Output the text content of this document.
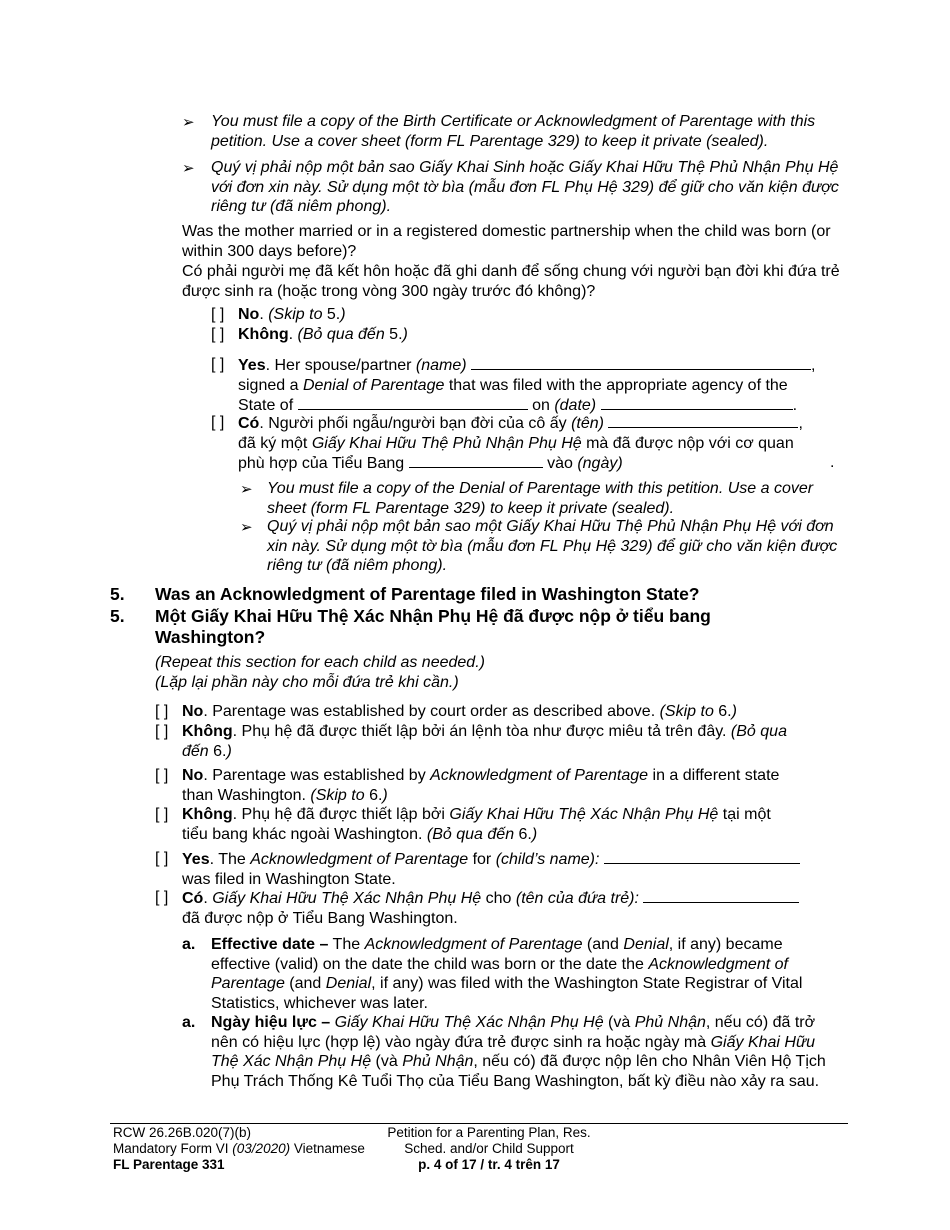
➢ You must file a copy of the Birth Certificate or Acknowledgment of Parentage with this petition. Use a cover sheet (form FL Parentage 329) to keep it private (sealed).
➢ Quý vị phải nộp một bản sao Giấy Khai Sinh hoặc Giấy Khai Hữu Thệ Phủ Nhận Phụ Hệ với đơn xin này. Sử dụng một tờ bìa (mẫu đơn FL Phụ Hệ 329) để giữ cho văn kiện được riêng tư (đã niêm phong).
Was the mother married or in a registered domestic partnership when the child was born (or within 300 days before)?
Có phải người mẹ đã kết hôn hoặc đã ghi danh để sống chung với người bạn đời khi đứa trẻ được sinh ra (hoặc trong vòng 300 ngày trước đó không)?
[ ] No. (Skip to 5.)
[ ] Không. (Bỏ qua đến 5.)
[ ] Yes. Her spouse/partner (name)	,
signed a Denial of Parentage that was filed with the appropriate agency of the
State of	on (date)	.
[ ] Có. Người phối ngẫu/người bạn đời của cô ấy (tên)	,
đã ký một Giấy Khai Hữu Thệ Phủ Nhận Phụ Hệ mà đã được nộp với cơ quan
phù hợp của Tiểu Bang	vào (ngày)	.
➢ You must file a copy of the Denial of Parentage with this petition. Use a cover sheet (form FL Parentage 329) to keep it private (sealed).
➢ Quý vị phải nộp một bản sao một Giấy Khai Hữu Thệ Phủ Nhận Phụ Hệ với đơn xin này. Sử dụng một tờ bìa (mẫu đơn FL Phụ Hệ 329) để giữ cho văn kiện được riêng tư (đã niêm phong).
5. Was an Acknowledgment of Parentage filed in Washington State?
5. Một Giấy Khai Hữu Thệ Xác Nhận Phụ Hệ đã được nộp ở tiểu bang Washington?
(Repeat this section for each child as needed.)
(Lặp lại phần này cho mỗi đứa trẻ khi cần.)
[ ] No. Parentage was established by court order as described above. (Skip to 6.)
[ ] Không. Phụ hệ đã được thiết lập bởi án lệnh tòa như được miêu tả trên đây. (Bỏ qua
đến 6.)
[ ] No. Parentage was established by Acknowledgment of Parentage in a different state
than Washington. (Skip to 6.)
[ ] Không. Phụ hệ đã được thiết lập bởi Giấy Khai Hữu Thệ Xác Nhận Phụ Hệ tại một
tiểu bang khác ngoài Washington. (Bỏ qua đến 6.)
[ ] Yes. The Acknowledgment of Parentage for (child’s name):
was filed in Washington State.
[ ] Có. Giấy Khai Hữu Thệ Xác Nhận Phụ Hệ cho (tên của đứa trẻ):
đã được nộp ở Tiểu Bang Washington.
a. Effective date – The Acknowledgment of Parentage (and Denial, if any) became effective (valid) on the date the child was born or the date the Acknowledgment of Parentage (and Denial, if any) was filed with the Washington State Registrar of Vital Statistics, whichever was later.
a. Ngày hiệu lực – Giấy Khai Hữu Thệ Xác Nhận Phụ Hệ (và Phủ Nhận, nếu có) đã trở nên có hiệu lực (hợp lệ) vào ngày đứa trẻ được sinh ra hoặc ngày mà Giấy Khai Hữu Thệ Xác Nhận Phụ Hệ (và Phủ Nhận, nếu có) đã được nộp lên cho Nhân Viên Hộ Tịch Phụ Trách Thống Kê Tuổi Thọ của Tiểu Bang Washington, bất kỳ điều nào xảy ra sau.
RCW 26.26B.020(7)(b)
Mandatory Form VI (03/2020) Vietnamese
FL Parentage 331
Petition for a Parenting Plan, Res.
Sched. and/or Child Support
p. 4 of 17 / tr. 4 trên 17
